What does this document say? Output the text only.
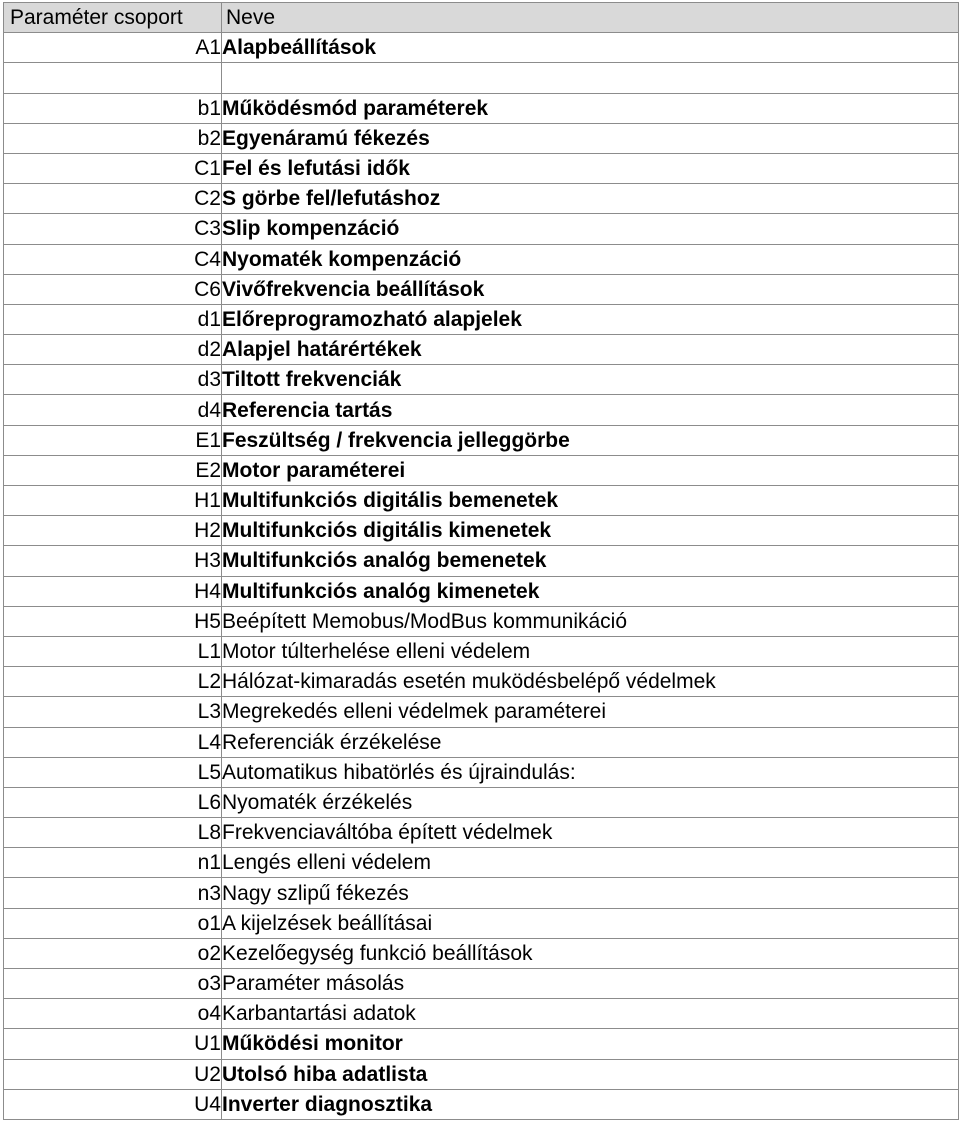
Paraméter csoport	Neve
A1	Alapbeállítások

b1	Működésmód paraméterek
b2	Egyenáramú fékezés
C1	Fel és lefutási idők
C2	S görbe fel/lefutáshoz
C3	Slip kompenzáció
C4	Nyomaték kompenzáció
C6	Vivőfrekvencia beállítások
d1	Előreprogramozható alapjelek
d2	Alapjel határértékek
d3	Tiltott frekvenciák
d4	Referencia tartás
E1	Feszültség / frekvencia jelleggörbe
E2	Motor paraméterei
H1	Multifunkciós digitális bemenetek
H2	Multifunkciós digitális kimenetek
H3	Multifunkciós analóg bemenetek
H4	Multifunkciós analóg kimenetek
H5	Beépített Memobus/ModBus kommunikáció
L1	Motor túlterhelése elleni védelem
L2	Hálózat-kimaradás esetén muködésbelépő védelmek
L3	Megrekedés elleni védelmek paraméterei
L4	Referenciák érzékelése
L5	Automatikus hibatörlés és újraindulás:
L6	Nyomaték érzékelés
L8	Frekvenciaváltóba épített védelmek
n1	Lengés elleni védelem
n3	Nagy szlipű fékezés
o1	A kijelzések beállításai
o2	Kezelőegység funkció beállítások
o3	Paraméter másolás
o4	Karbantartási adatok
U1	Működési monitor
U2	Utolsó hiba adatlista
U4	Inverter diagnosztika
